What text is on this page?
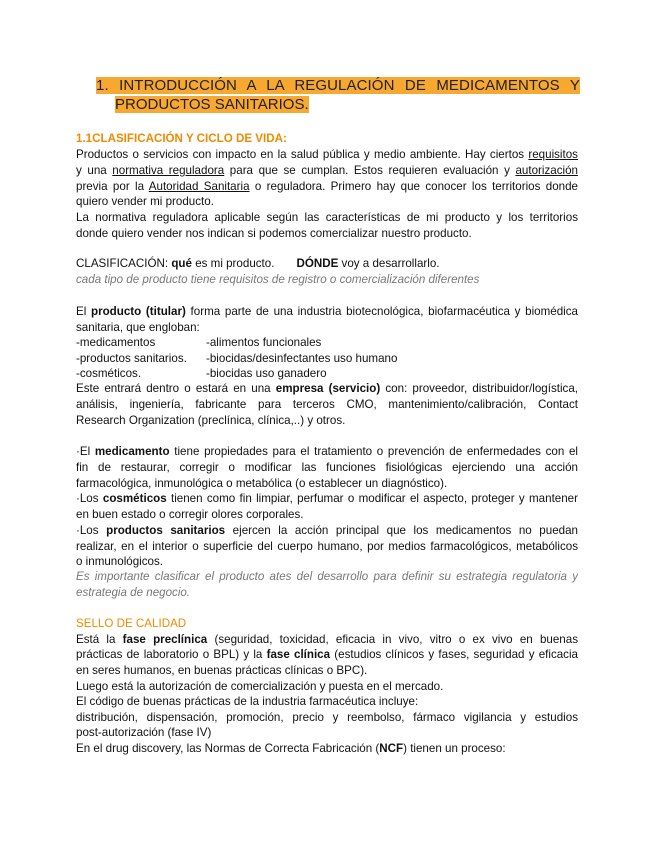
1. INTRODUCCIÓN A LA REGULACIÓN DE MEDICAMENTOS Y
PRODUCTOS SANITARIOS.
1.1CLASIFICACIÓN Y CICLO DE VIDA:
Productos o servicios con impacto en la salud pública y medio ambiente. Hay ciertos requisitos
y una normativa reguladora para que se cumplan. Estos requieren evaluación y autorización
previa por la Autoridad Sanitaria o reguladora. Primero hay que conocer los territorios donde
quiero vender mi producto.
La normativa reguladora aplicable según las características de mi producto y los territorios
donde quiero vender nos indican si podemos comercializar nuestro producto.
CLASIFICACIÓN: qué es mi producto. DÓNDE voy a desarrollarlo.
cada tipo de producto tiene requisitos de registro o comercialización diferentes
El producto (titular) forma parte de una industria biotecnológica, biofarmacéutica y biomédica
sanitaria, que engloban:
-medicamentos	-alimentos funcionales
-productos sanitarios. -biocidas/desinfectantes uso humano
-cosméticos.	-biocidas uso ganadero
Este entrará dentro o estará en una empresa (servicio) con: proveedor, distribuidor/logística,
análisis, ingeniería, fabricante para terceros CMO, mantenimiento/calibración, Contact
Research Organization (preclínica, clínica,..) y otros.
·El medicamento tiene propiedades para el tratamiento o prevención de enfermedades con el
fin de restaurar, corregir o modificar las funciones fisiológicas ejerciendo una acción
farmacológica, inmunológica o metabólica (o establecer un diagnóstico).
·Los cosméticos tienen como fin limpiar, perfumar o modificar el aspecto, proteger y mantener
en buen estado o corregir olores corporales.
·Los productos sanitarios ejercen la acción principal que los medicamentos no puedan
realizar, en el interior o superficie del cuerpo humano, por medios farmacológicos, metabólicos
o inmunológicos.
Es importante clasificar el producto ates del desarrollo para definir su estrategia regulatoria y
estrategia de negocio.
SELLO DE CALIDAD
Está la fase preclínica (seguridad, toxicidad, eficacia in vivo, vitro o ex vivo en buenas
prácticas de laboratorio o BPL) y la fase clínica (estudios clínicos y fases, seguridad y eficacia
en seres humanos, en buenas prácticas clínicas o BPC).
Luego está la autorización de comercialización y puesta en el mercado.
El código de buenas prácticas de la industria farmacéutica incluye:
distribución, dispensación, promoción, precio y reembolso, fármaco vigilancia y estudios
post-autorización (fase IV)
En el drug discovery, las Normas de Correcta Fabricación (NCF) tienen un proceso:
